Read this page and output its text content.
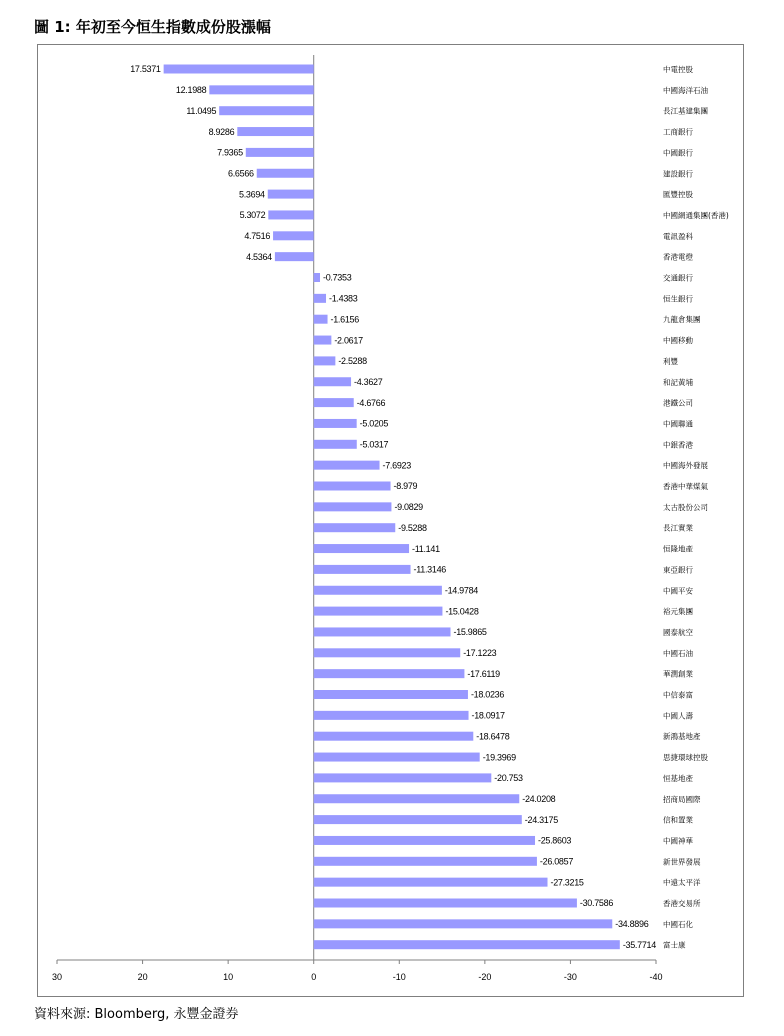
圖 1: 年初至今恒生指數成份股漲幅
17.5371	中電控股
12.1988	中國海洋石油
11.0495	長江基建集團
8.9286	工商銀行
7.9365	中國銀行
6.6566	建設銀行
5.3694	匯豐控股
5.3072	中國網通集團(香港)
4.7516	電訊盈科
4.5364	香港電燈
-0.7353	交通銀行
-1.4383	恒生銀行
-1.6156	九龍倉集團
-2.0617	中國移動
-2.5288	利豐
-4.3627	和記黃埔
-4.6766	港鐵公司
-5.0205	中國聯通
-5.0317	中銀香港
-7.6923	中國海外發展
-8.979	香港中華煤氣
-9.0829	太古股份公司
-9.5288	長江實業
-11.141	恒隆地產
-11.3146	東亞銀行
-14.9784	中國平安
-15.0428	裕元集團
-15.9865	國泰航空
-17.1223	中國石油
-17.6119	華潤創業
-18.0236	中信泰富
-18.0917	中國人壽
-18.6478	新鴻基地產
-19.3969	思捷環球控股
-20.753	恒基地產
-24.0208	招商局國際
-24.3175	信和置業
-25.8603	中國神華
-26.0857	新世界發展
-27.3215	中遠太平洋
-30.7586	香港交易所
-34.8896 中國石化
-35.7714 富士康
30	20	10	0	-10	-20	-30	-40
資料來源: Bloomberg, 永豐金證券
